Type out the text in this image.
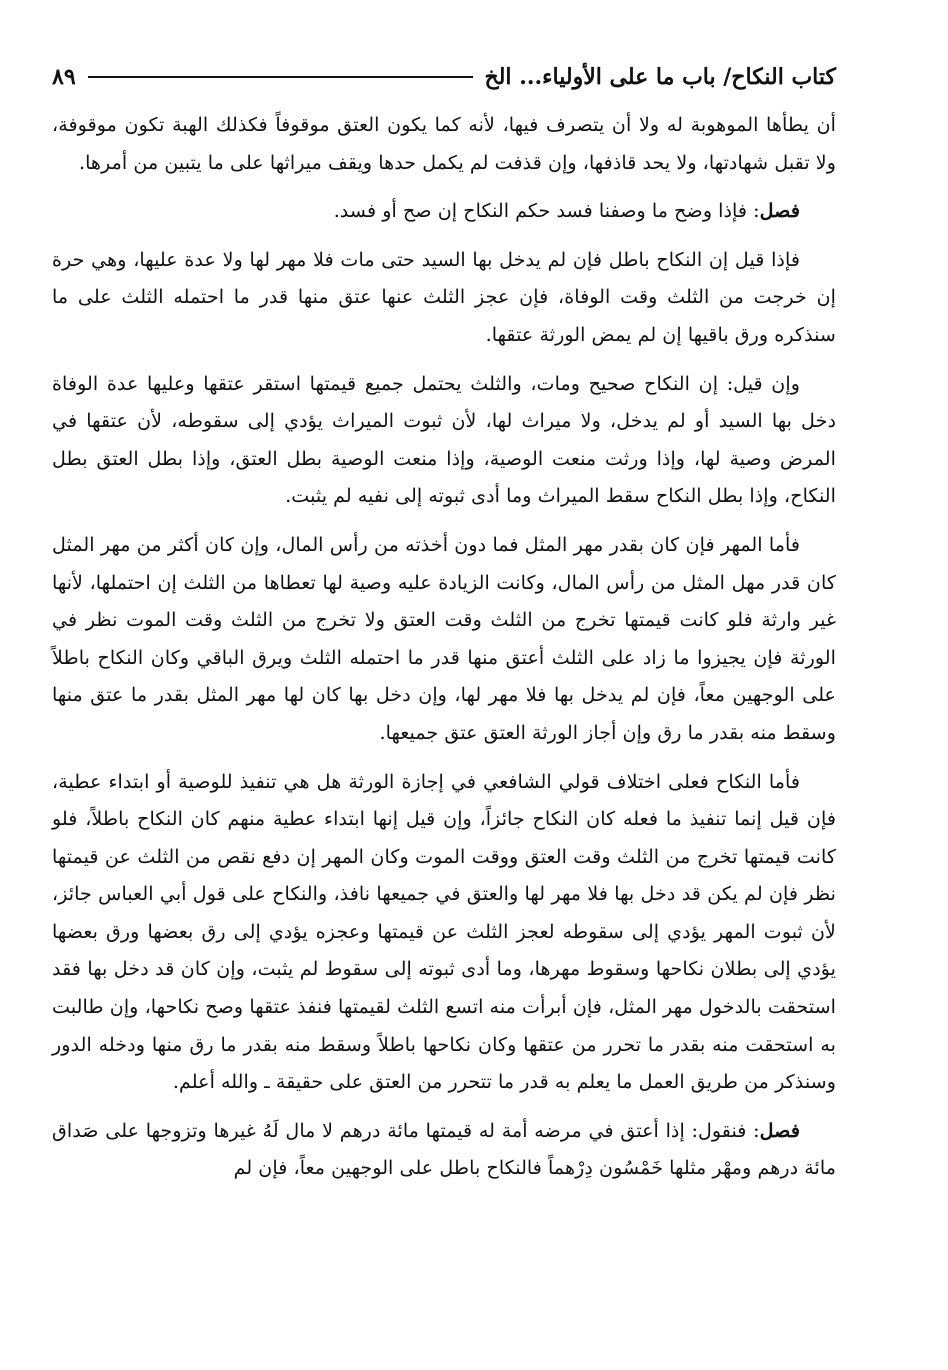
كتاب النكاح/ باب ما على الأولياء... الخ
٨٩

أن يطأها الموهوبة له ولا أن يتصرف فيها، لأنه كما يكون العتق موقوفاً فكذلك الهبة تكون موقوفة، ولا تقبل شهادتها، ولا يحد قاذفها، وإن قذفت لم يكمل حدها ويقف ميراثها على ما يتبين من أمرها.

فصل: فإذا وضح ما وصفنا فسد حكم النكاح إن صح أو فسد.

فإذا قيل إن النكاح باطل فإن لم يدخل بها السيد حتى مات فلا مهر لها ولا عدة عليها، وهي حرة إن خرجت من الثلث وقت الوفاة، فإن عجز الثلث عنها عتق منها قدر ما احتمله الثلث على ما سنذكره ورق باقيها إن لم يمض الورثة عتقها.

وإن قيل: إن النكاح صحيح ومات، والثلث يحتمل جميع قيمتها استقر عتقها وعليها عدة الوفاة دخل بها السيد أو لم يدخل، ولا ميراث لها، لأن ثبوت الميراث يؤدي إلى سقوطه، لأن عتقها في المرض وصية لها، وإذا ورثت منعت الوصية، وإذا منعت الوصية بطل العتق، وإذا بطل العتق بطل النكاح، وإذا بطل النكاح سقط الميراث وما أدى ثبوته إلى نفيه لم يثبت.

فأما المهر فإن كان بقدر مهر المثل فما دون أخذته من رأس المال، وإن كان أكثر من مهر المثل كان قدر مهل المثل من رأس المال، وكانت الزيادة عليه وصية لها تعطاها من الثلث إن احتملها، لأنها غير وارثة فلو كانت قيمتها تخرج من الثلث وقت العتق ولا تخرج من الثلث وقت الموت نظر في الورثة فإن يجيزوا ما زاد على الثلث أعتق منها قدر ما احتمله الثلث ويرق الباقي وكان النكاح باطلاً على الوجهين معاً، فإن لم يدخل بها فلا مهر لها، وإن دخل بها كان لها مهر المثل بقدر ما عتق منها وسقط منه بقدر ما رق وإن أجاز الورثة العتق عتق جميعها.

فأما النكاح فعلى اختلاف قولي الشافعي في إجازة الورثة هل هي تنفيذ للوصية أو ابتداء عطية، فإن قيل إنما تنفيذ ما فعله كان النكاح جائزاً، وإن قيل إنها ابتداء عطية منهم كان النكاح باطلاً، فلو كانت قيمتها تخرج من الثلث وقت العتق ووقت الموت وكان المهر إن دفع نقص من الثلث عن قيمتها نظر فإن لم يكن قد دخل بها فلا مهر لها والعتق في جميعها نافذ، والنكاح على قول أبي العباس جائز، لأن ثبوت المهر يؤدي إلى سقوطه لعجز الثلث عن قيمتها وعجزه يؤدي إلى رق بعضها ورق بعضها يؤدي إلى بطلان نكاحها وسقوط مهرها، وما أدى ثبوته إلى سقوط لم يثبت، وإن كان قد دخل بها فقد استحقت بالدخول مهر المثل، فإن أبرأت منه اتسع الثلث لقيمتها فنفذ عتقها وصح نكاحها، وإن طالبت به استحقت منه بقدر ما تحرر من عتقها وكان نكاحها باطلاً وسقط منه بقدر ما رق منها ودخله الدور وسنذكر من طريق العمل ما يعلم به قدر ما تتحرر من العتق على حقيقة ـ والله أعلم.

فصل: فنقول: إذا أعتق في مرضه أمة له قيمتها مائة درهم لا مال لَهُ غيرها وتزوجها على صَداق مائة درهم ومهْر مثلها خَمْسُون دِرْهماً فالنكاح باطل على الوجهين معاً، فإن لم
